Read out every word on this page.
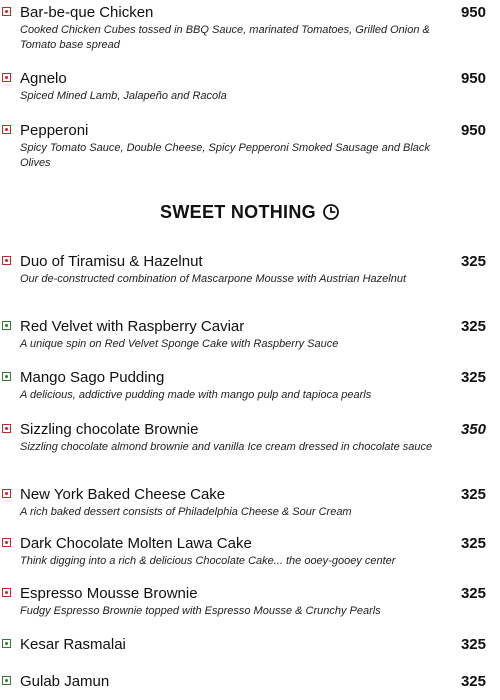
Bar-be-que Chicken	950
Cooked Chicken Cubes tossed in BBQ Sauce, marinated Tomatoes, Grilled Onion & Tomato base spread
Agnelo	950
Spiced Mined Lamb, Jalapeño and Racola
Pepperoni	950
Spicy Tomato Sauce, Double Cheese, Spicy Pepperoni Smoked Sausage and Black Olives
SWEET NOTHING
Duo of Tiramisu & Hazelnut	325
Our de-constructed combination of Mascarpone Mousse with Austrian Hazelnut
Red Velvet with Raspberry Caviar	325
A unique spin on Red Velvet Sponge Cake with Raspberry Sauce
Mango Sago Pudding	325
A delicious, addictive pudding made with mango pulp and tapioca pearls
Sizzling chocolate Brownie	350
Sizzling chocolate almond brownie and vanilla Ice cream dressed in chocolate sauce
New York Baked Cheese Cake	325
A rich baked dessert consists of Philadelphia Cheese & Sour Cream
Dark Chocolate Molten Lawa Cake	325
Think digging into a rich & delicious Chocolate Cake... the ooey-gooey center
Espresso Mousse Brownie	325
Fudgy Espresso Brownie topped with Espresso Mousse & Crunchy Pearls
Kesar Rasmalai	325
Gulab Jamun	325
